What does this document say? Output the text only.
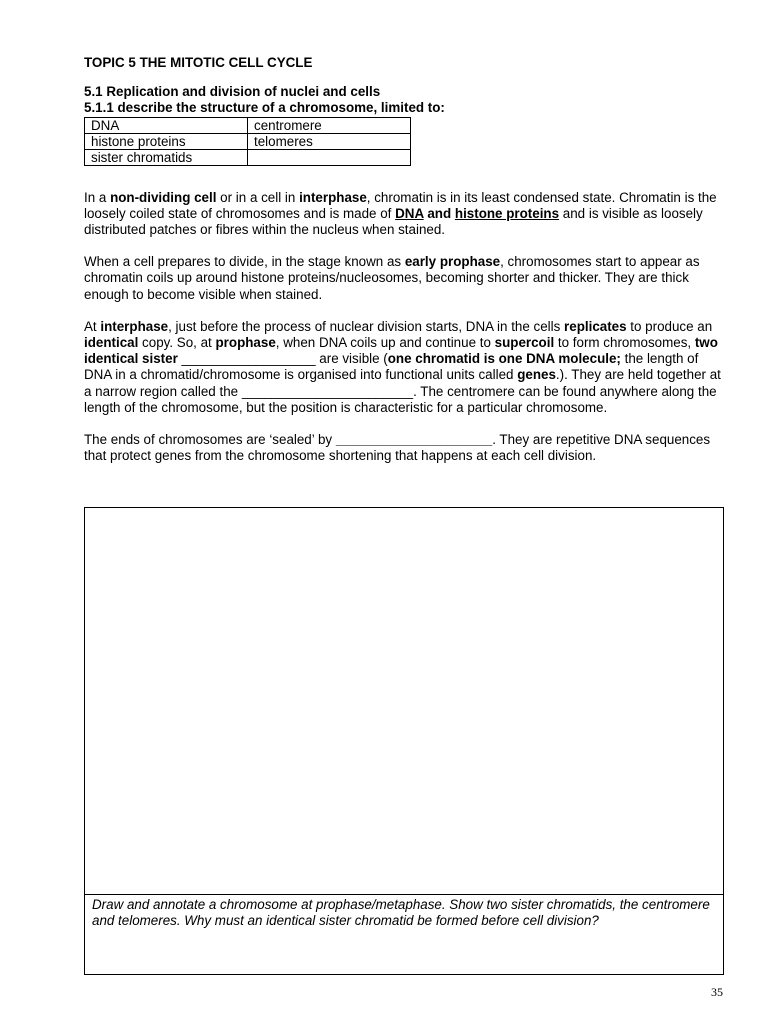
TOPIC 5 THE MITOTIC CELL CYCLE
5.1 Replication and division of nuclei and cells
5.1.1 describe the structure of a chromosome, limited to:
DNA	centromere
histone proteins	telomeres
sister chromatids	

In a non-dividing cell or in a cell in interphase, chromatin is in its least condensed state. Chromatin is the loosely coiled state of chromosomes and is made of DNA and histone proteins and is visible as loosely distributed patches or fibres within the nucleus when stained.

When a cell prepares to divide, in the stage known as early prophase, chromosomes start to appear as chromatin coils up around histone proteins/nucleosomes, becoming shorter and thicker. They are thick enough to become visible when stained.

At interphase, just before the process of nuclear division starts, DNA in the cells replicates to produce an identical copy. So, at prophase, when DNA coils up and continue to supercoil to form chromosomes, two identical sister __________________ are visible (one chromatid is one DNA molecule; the length of DNA in a chromatid/chromosome is organised into functional units called genes.). They are held together at a narrow region called the _______________________. The centromere can be found anywhere along the length of the chromosome, but the position is characteristic for a particular chromosome.

The ends of chromosomes are ‘sealed’ by _____________________. They are repetitive DNA sequences that protect genes from the chromosome shortening that happens at each cell division.

Draw and annotate a chromosome at prophase/metaphase. Show two sister chromatids, the centromere and telomeres. Why must an identical sister chromatid be formed before cell division?
35
